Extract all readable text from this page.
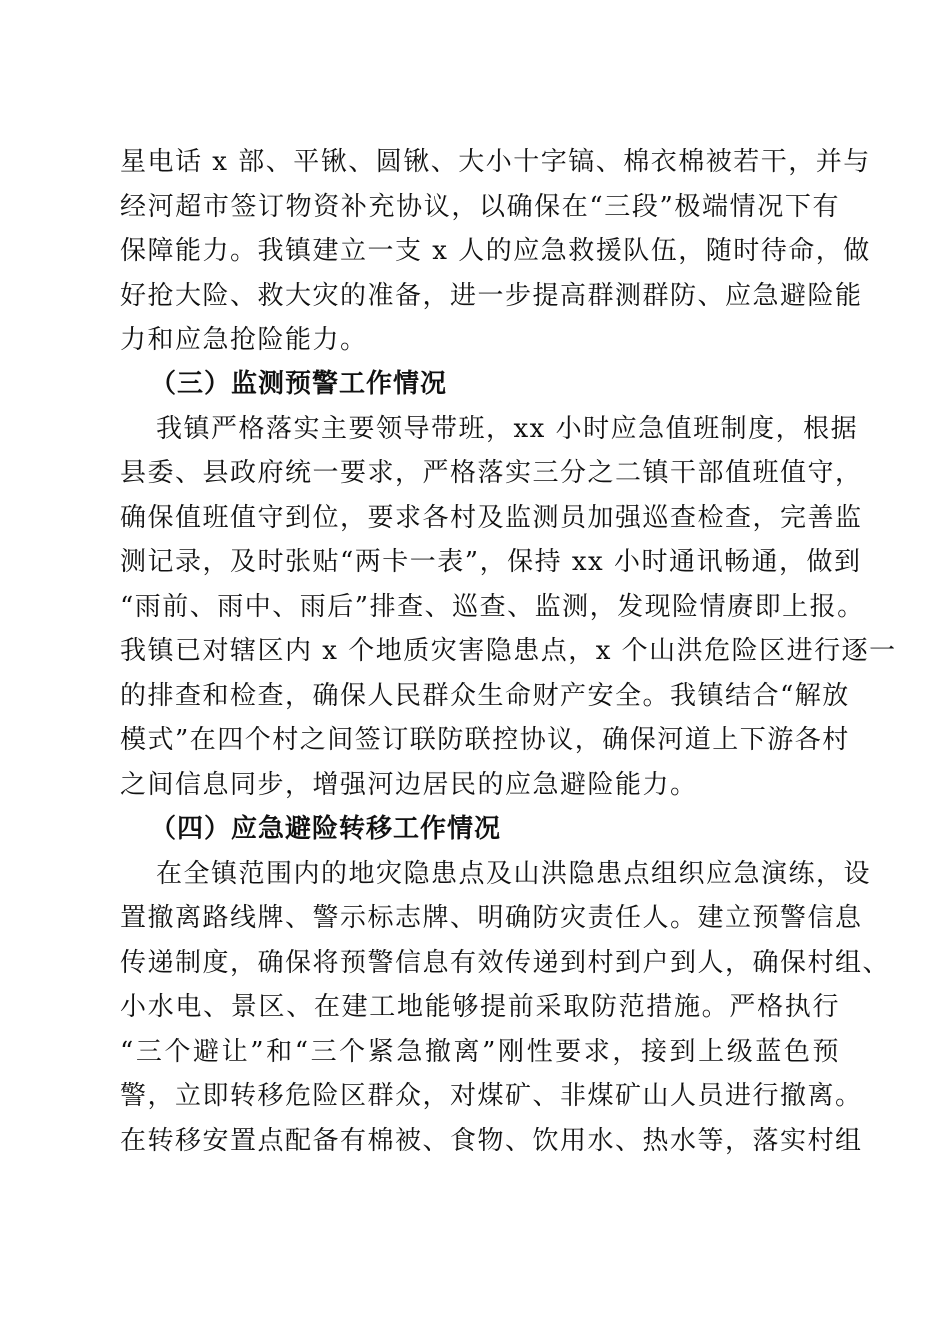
星电话 x 部、平锹、圆锹、大小十字镐、棉衣棉被若干，并与
经河超市签订物资补充协议，以确保在“三段”极端情况下有
保障能力。我镇建立一支 x 人的应急救援队伍，随时待命，做
好抢大险、救大灾的准备，进一步提高群测群防、应急避险能
力和应急抢险能力。
（三）监测预警工作情况
我镇严格落实主要领导带班，xx 小时应急值班制度，根据
县委、县政府统一要求，严格落实三分之二镇干部值班值守，
确保值班值守到位，要求各村及监测员加强巡查检查，完善监
测记录，及时张贴“两卡一表”，保持 xx 小时通讯畅通，做到
“雨前、雨中、雨后”排查、巡查、监测，发现险情赓即上报。
我镇已对辖区内 x 个地质灾害隐患点，x 个山洪危险区进行逐一
的排查和检查，确保人民群众生命财产安全。我镇结合“解放
模式”在四个村之间签订联防联控协议，确保河道上下游各村
之间信息同步，增强河边居民的应急避险能力。
（四）应急避险转移工作情况
在全镇范围内的地灾隐患点及山洪隐患点组织应急演练，设
置撤离路线牌、警示标志牌、明确防灾责任人。建立预警信息
传递制度，确保将预警信息有效传递到村到户到人，确保村组、
小水电、景区、在建工地能够提前采取防范措施。严格执行
“三个避让”和“三个紧急撤离”刚性要求，接到上级蓝色预
警，立即转移危险区群众，对煤矿、非煤矿山人员进行撤离。
在转移安置点配备有棉被、食物、饮用水、热水等，落实村组
